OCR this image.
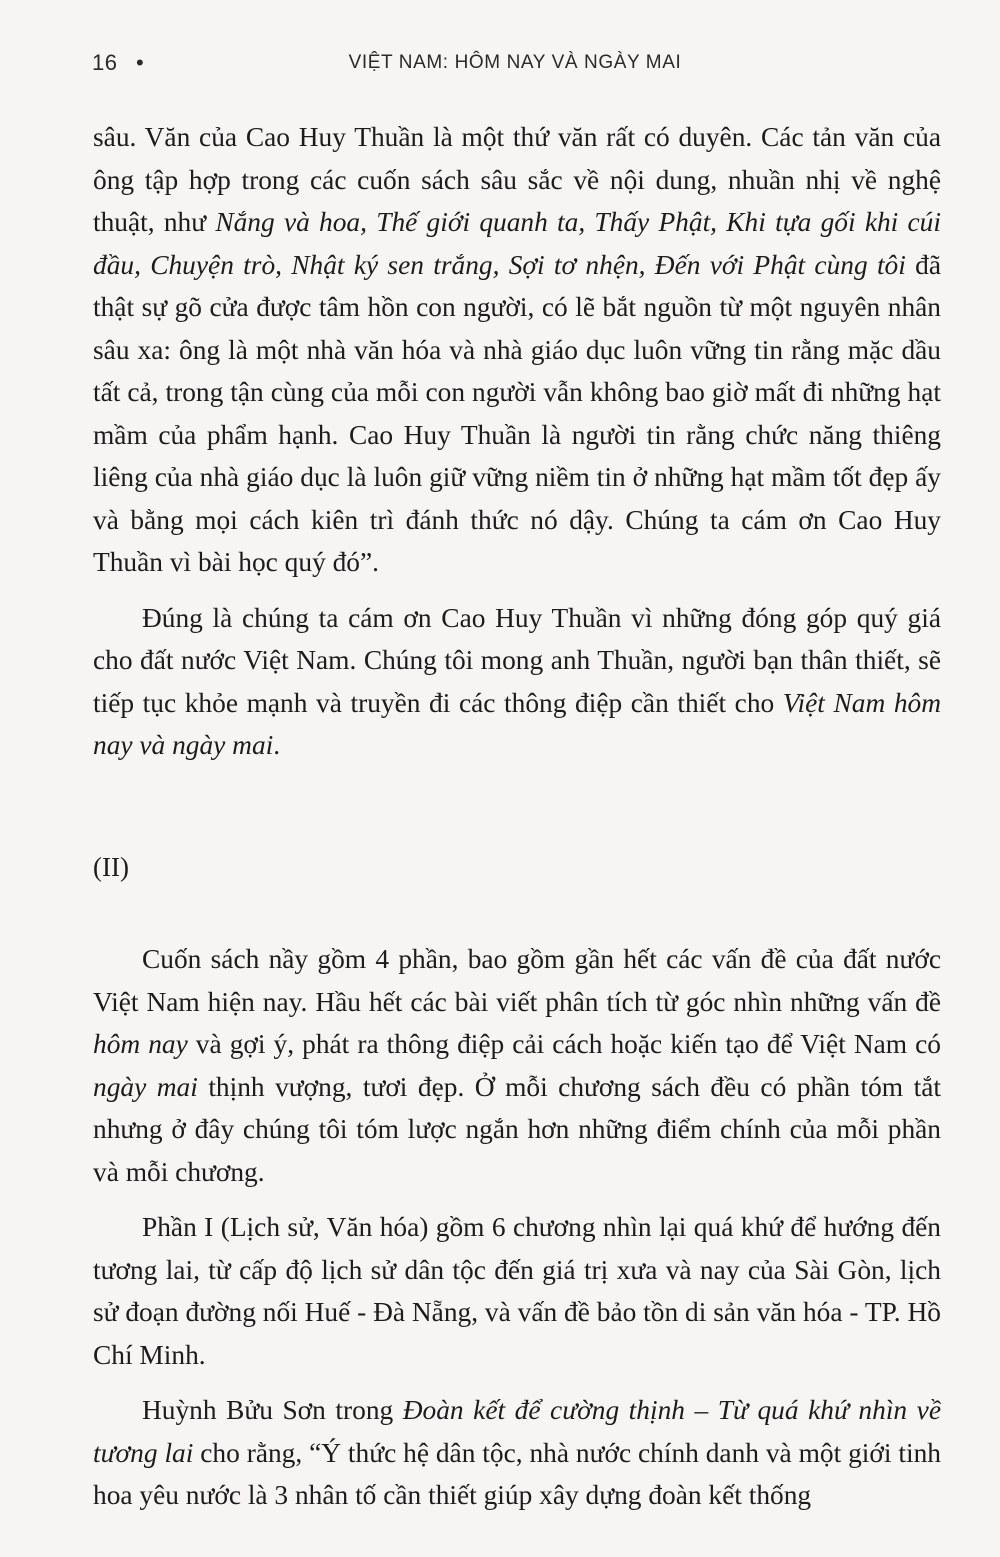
16 •	VIỆT NAM: HÔM NAY VÀ NGÀY MAI

sâu. Văn của Cao Huy Thuần là một thứ văn rất có duyên. Các tản văn của ông tập hợp trong các cuốn sách sâu sắc về nội dung, nhuần nhị về nghệ thuật, như Nắng và hoa, Thế giới quanh ta, Thấy Phật, Khi tựa gối khi cúi đầu, Chuyện trò, Nhật ký sen trắng, Sợi tơ nhện, Đến với Phật cùng tôi đã thật sự gõ cửa được tâm hồn con người, có lẽ bắt nguồn từ một nguyên nhân sâu xa: ông là một nhà văn hóa và nhà giáo dục luôn vững tin rằng mặc dầu tất cả, trong tận cùng của mỗi con người vẫn không bao giờ mất đi những hạt mầm của phẩm hạnh. Cao Huy Thuần là người tin rằng chức năng thiêng liêng của nhà giáo dục là luôn giữ vững niềm tin ở những hạt mầm tốt đẹp ấy và bằng mọi cách kiên trì đánh thức nó dậy. Chúng ta cám ơn Cao Huy Thuần vì bài học quý đó”.

Đúng là chúng ta cám ơn Cao Huy Thuần vì những đóng góp quý giá cho đất nước Việt Nam. Chúng tôi mong anh Thuần, người bạn thân thiết, sẽ tiếp tục khỏe mạnh và truyền đi các thông điệp cần thiết cho Việt Nam hôm nay và ngày mai.

(II)

Cuốn sách nầy gồm 4 phần, bao gồm gần hết các vấn đề của đất nước Việt Nam hiện nay. Hầu hết các bài viết phân tích từ góc nhìn những vấn đề hôm nay và gợi ý, phát ra thông điệp cải cách hoặc kiến tạo để Việt Nam có ngày mai thịnh vượng, tươi đẹp. Ở mỗi chương sách đều có phần tóm tắt nhưng ở đây chúng tôi tóm lược ngắn hơn những điểm chính của mỗi phần và mỗi chương.

Phần I (Lịch sử, Văn hóa) gồm 6 chương nhìn lại quá khứ để hướng đến tương lai, từ cấp độ lịch sử dân tộc đến giá trị xưa và nay của Sài Gòn, lịch sử đoạn đường nối Huế - Đà Nẵng, và vấn đề bảo tồn di sản văn hóa - TP. Hồ Chí Minh.

Huỳnh Bửu Sơn trong Đoàn kết để cường thịnh – Từ quá khứ nhìn về tương lai cho rằng, “Ý thức hệ dân tộc, nhà nước chính danh và một giới tinh hoa yêu nước là 3 nhân tố cần thiết giúp xây dựng đoàn kết thống
